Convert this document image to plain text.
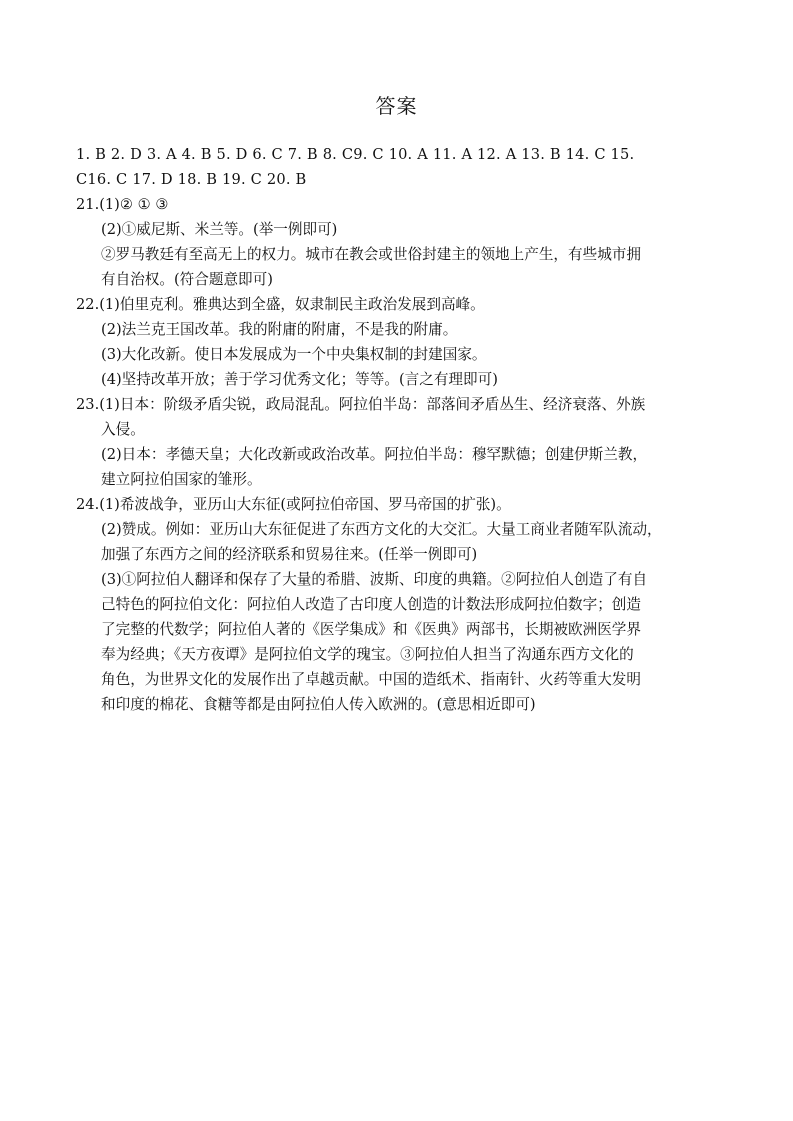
答案
1. B 2. D 3. A 4. B 5. D 6. C 7. B 8. C9. C 10. A 11. A 12. A 13. B 14. C 15.
C16. C 17. D 18. B 19. C 20. B
21.(1)② ① ③
(2)①威尼斯、米兰等。(举一例即可)
②罗马教廷有至高无上的权力。城市在教会或世俗封建主的领地上产生，有些城市拥
有自治权。(符合题意即可)
22.(1)伯里克利。雅典达到全盛，奴隶制民主政治发展到高峰。
(2)法兰克王国改革。我的附庸的附庸，不是我的附庸。
(3)大化改新。使日本发展成为一个中央集权制的封建国家。
(4)坚持改革开放；善于学习优秀文化；等等。(言之有理即可)
23.(1)日本：阶级矛盾尖锐，政局混乱。阿拉伯半岛：部落间矛盾丛生、经济衰落、外族
入侵。
(2)日本：孝德天皇；大化改新或政治改革。阿拉伯半岛：穆罕默德；创建伊斯兰教，
建立阿拉伯国家的雏形。
24.(1)希波战争，亚历山大东征(或阿拉伯帝国、罗马帝国的扩张)。
(2)赞成。例如：亚历山大东征促进了东西方文化的大交汇。大量工商业者随军队流动，
加强了东西方之间的经济联系和贸易往来。(任举一例即可)
(3)①阿拉伯人翻译和保存了大量的希腊、波斯、印度的典籍。②阿拉伯人创造了有自
己特色的阿拉伯文化：阿拉伯人改造了古印度人创造的计数法形成阿拉伯数字；创造
了完整的代数学；阿拉伯人著的《医学集成》和《医典》两部书，长期被欧洲医学界
奉为经典；《天方夜谭》是阿拉伯文学的瑰宝。③阿拉伯人担当了沟通东西方文化的
角色，为世界文化的发展作出了卓越贡献。中国的造纸术、指南针、火药等重大发明
和印度的棉花、食糖等都是由阿拉伯人传入欧洲的。(意思相近即可)
